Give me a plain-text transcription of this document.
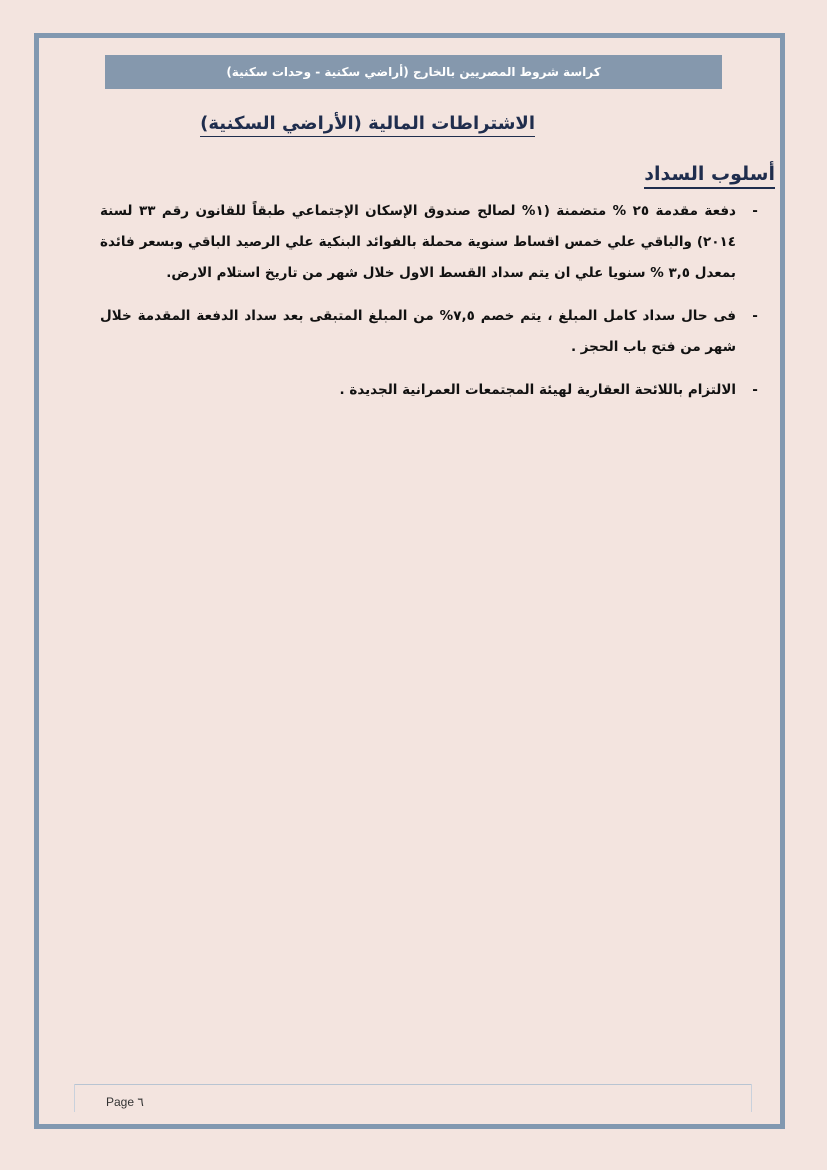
كراسة شروط المصريين بالخارج (أراضي سكنية - وحدات سكنية)
الاشتراطات المالية (الأراضي السكنية)
أسلوب السداد
-
دفعة مقدمة ٢٥ % متضمنة (١% لصالح صندوق الإسكان الإجتماعي طبقاً للقانون رقم ٣٣ لسنة ٢٠١٤) والباقي علي خمس اقساط سنوية محملة بالفوائد البنكية علي الرصيد الباقي وبسعر فائدة بمعدل ٣,٥ % سنويا علي ان يتم سداد القسط الاول خلال شهر من تاريخ استلام الارض.
-
فى حال سداد كامل المبلغ ، يتم خصم ٧,٥% من المبلغ المتبقى بعد سداد الدفعة المقدمة خلال شهر من فتح باب الحجز .
-
الالتزام باللائحة العقارية لهيئة المجتمعات العمرانية الجديدة .
Page ٦
